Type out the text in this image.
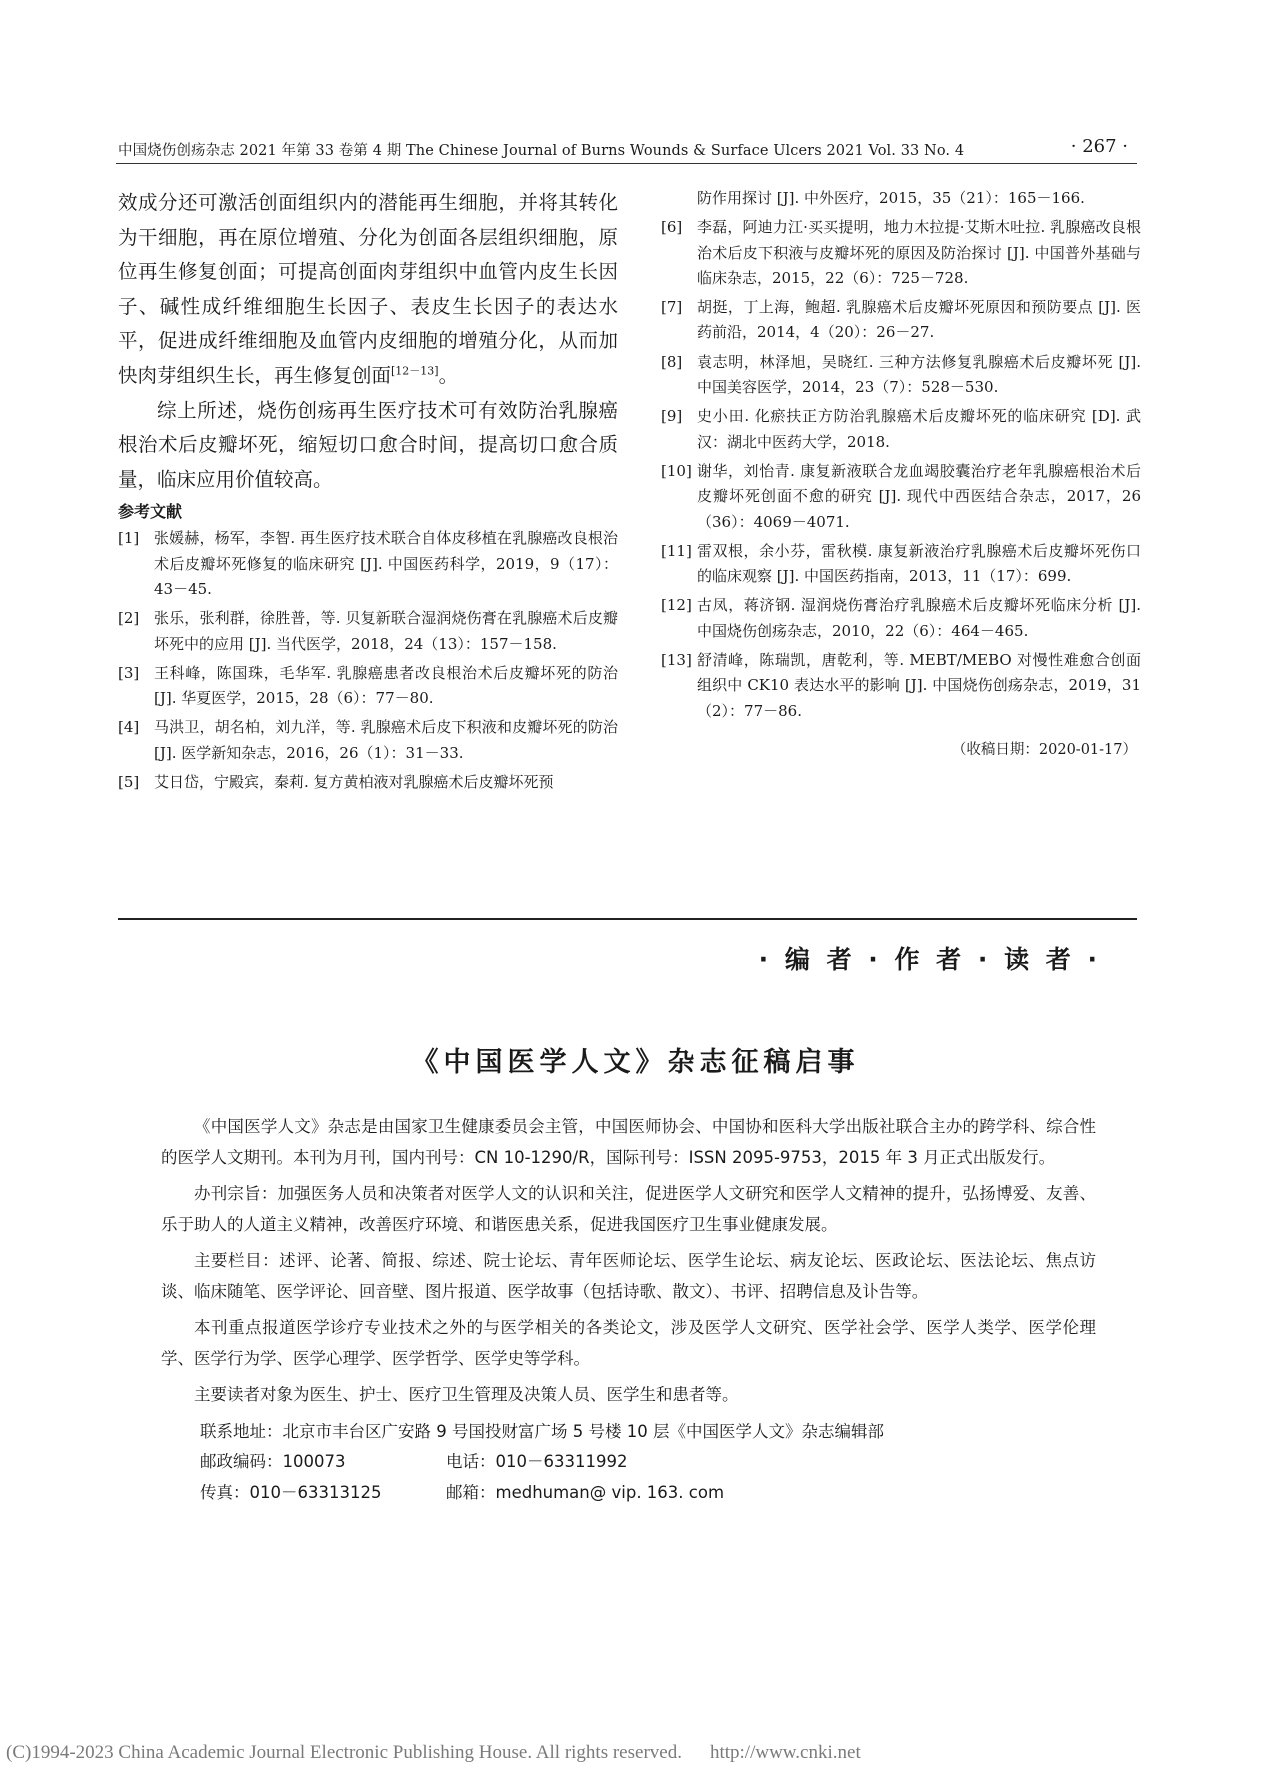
中国烧伤创疡杂志 2021 年第 33 卷第 4 期 The Chinese Journal of Burns Wounds & Surface Ulcers 2021 Vol. 33 No. 4	· 267 ·

效成分还可激活创面组织内的潜能再生细胞，并将其转化为干细胞，再在原位增殖、分化为创面各层组织细胞，原位再生修复创面；可提高创面肉芽组织中血管内皮生长因子、碱性成纤维细胞生长因子、表皮生长因子的表达水平，促进成纤维细胞及血管内皮细胞的增殖分化，从而加快肉芽组织生长，再生修复创面[12－13]。

综上所述，烧伤创疡再生医疗技术可有效防治乳腺癌根治术后皮瓣坏死，缩短切口愈合时间，提高切口愈合质量，临床应用价值较高。

参考文献
[1] 张媛赫，杨军，李智. 再生医疗技术联合自体皮移植在乳腺癌改良根治术后皮瓣坏死修复的临床研究 [J]. 中国医药科学，2019，9（17）：43－45.
[2] 张乐，张利群，徐胜普，等. 贝复新联合湿润烧伤膏在乳腺癌术后皮瓣坏死中的应用 [J]. 当代医学，2018，24（13）：157－158.
[3] 王科峰，陈国珠，毛华军. 乳腺癌患者改良根治术后皮瓣坏死的防治 [J]. 华夏医学，2015，28（6）：77－80.
[4] 马洪卫，胡名柏，刘九洋，等. 乳腺癌术后皮下积液和皮瓣坏死的防治 [J]. 医学新知杂志，2016，26（1）：31－33.
[5] 艾日岱，宁殿宾，秦莉. 复方黄柏液对乳腺癌术后皮瓣坏死预
防作用探讨 [J]. 中外医疗，2015，35（21）：165－166.
[6] 李磊，阿迪力江·买买提明，地力木拉提·艾斯木吐拉. 乳腺癌改良根治术后皮下积液与皮瓣坏死的原因及防治探讨 [J]. 中国普外基础与临床杂志，2015，22（6）：725－728.
[7] 胡挺，丁上海，鲍超. 乳腺癌术后皮瓣坏死原因和预防要点 [J]. 医药前沿，2014，4（20）：26－27.
[8] 袁志明，林泽旭，吴晓红. 三种方法修复乳腺癌术后皮瓣坏死 [J]. 中国美容医学，2014，23（7）：528－530.
[9] 史小田. 化瘀扶正方防治乳腺癌术后皮瓣坏死的临床研究 [D]. 武汉：湖北中医药大学，2018.
[10] 谢华，刘怡青. 康复新液联合龙血竭胶囊治疗老年乳腺癌根治术后皮瓣坏死创面不愈的研究 [J]. 现代中西医结合杂志，2017，26（36）：4069－4071.
[11] 雷双根，余小芬，雷秋模. 康复新液治疗乳腺癌术后皮瓣坏死伤口的临床观察 [J]. 中国医药指南，2013，11（17）：699.
[12] 古凤，蒋济钢. 湿润烧伤膏治疗乳腺癌术后皮瓣坏死临床分析 [J]. 中国烧伤创疡杂志，2010，22（6）：464－465.
[13] 舒清峰，陈瑞凯，唐乾利，等. MEBT/MEBO 对慢性难愈合创面组织中 CK10 表达水平的影响 [J]. 中国烧伤创疡杂志，2019，31（2）：77－86.
（收稿日期：2020-01-17）
· 编 者 · 作 者 · 读 者 ·
《中国医学人文》杂志征稿启事

《中国医学人文》杂志是由国家卫生健康委员会主管，中国医师协会、中国协和医科大学出版社联合主办的跨学科、综合性的医学人文期刊。本刊为月刊，国内刊号：CN 10-1290/R，国际刊号：ISSN 2095-9753，2015 年 3 月正式出版发行。

办刊宗旨：加强医务人员和决策者对医学人文的认识和关注，促进医学人文研究和医学人文精神的提升，弘扬博爱、友善、乐于助人的人道主义精神，改善医疗环境、和谐医患关系，促进我国医疗卫生事业健康发展。

主要栏目：述评、论著、简报、综述、院士论坛、青年医师论坛、医学生论坛、病友论坛、医政论坛、医法论坛、焦点访谈、临床随笔、医学评论、回音壁、图片报道、医学故事（包括诗歌、散文）、书评、招聘信息及讣告等。

本刊重点报道医学诊疗专业技术之外的与医学相关的各类论文，涉及医学人文研究、医学社会学、医学人类学、医学伦理学、医学行为学、医学心理学、医学哲学、医学史等学科。

主要读者对象为医生、护士、医疗卫生管理及决策人员、医学生和患者等。

联系地址：北京市丰台区广安路 9 号国投财富广场 5 号楼 10 层《中国医学人文》杂志编辑部
邮政编码：100073	电话：010－63311992
传真：010－63313125	邮箱：medhuman@ vip. 163. com
(C)1994-2023 China Academic Journal Electronic Publishing House. All rights reserved. http://www.cnki.net
